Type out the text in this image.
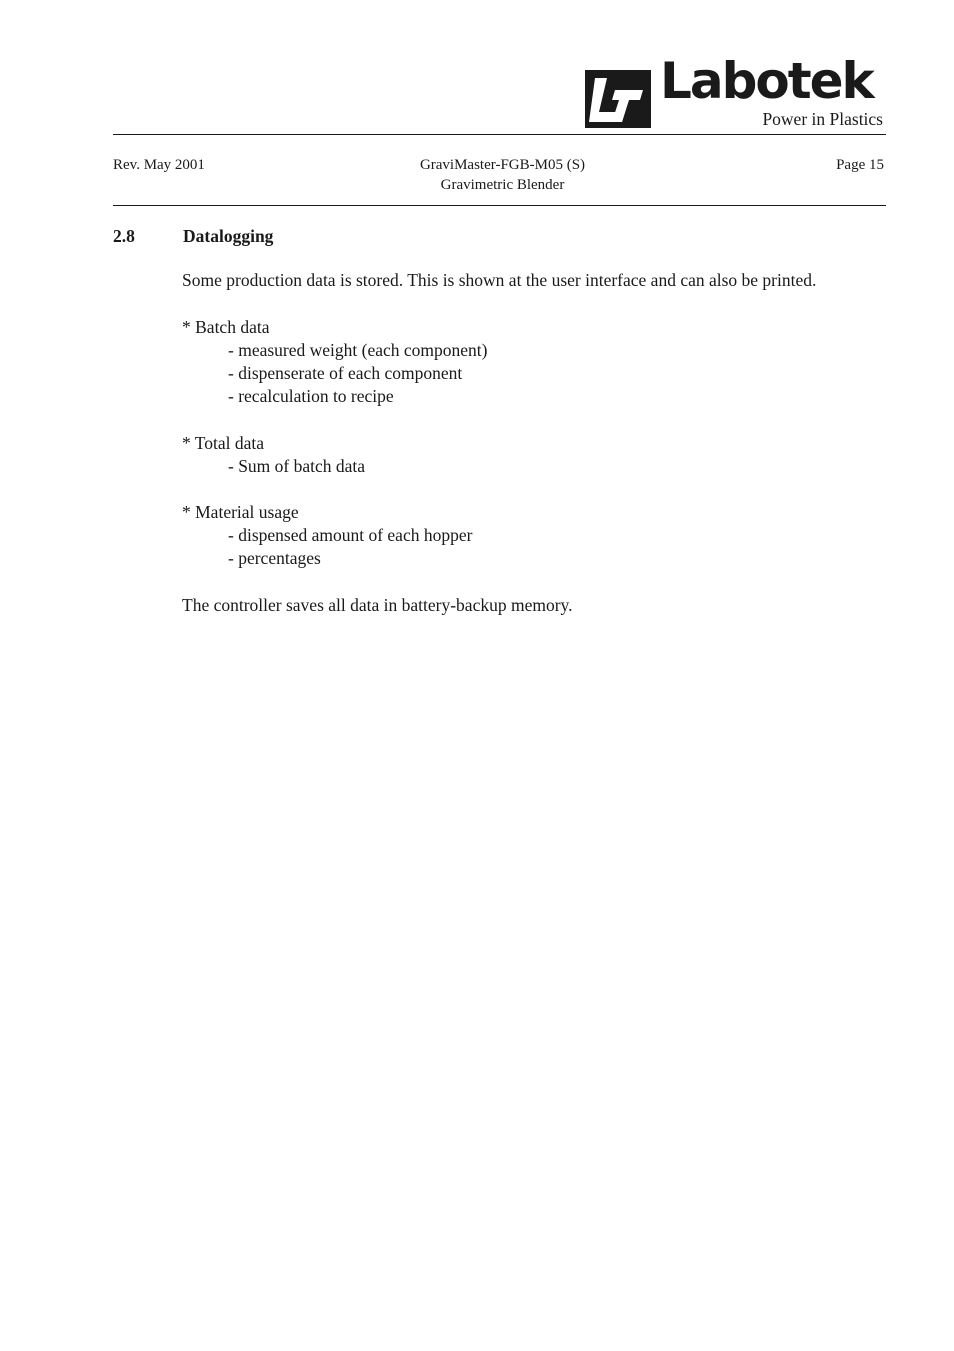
Labotek
Power in Plastics
Rev. May 2001	GraviMaster-FGB-M05 (S)
Gravimetric Blender
Page 15
2.8	Datalogging
Some production data is stored. This is shown at the user interface and can also be printed.
* Batch data
- measured weight (each component)
- dispenserate of each component
- recalculation to recipe
* Total data
- Sum of batch data
* Material usage
- dispensed amount of each hopper
- percentages
The controller saves all data in battery-backup memory.
